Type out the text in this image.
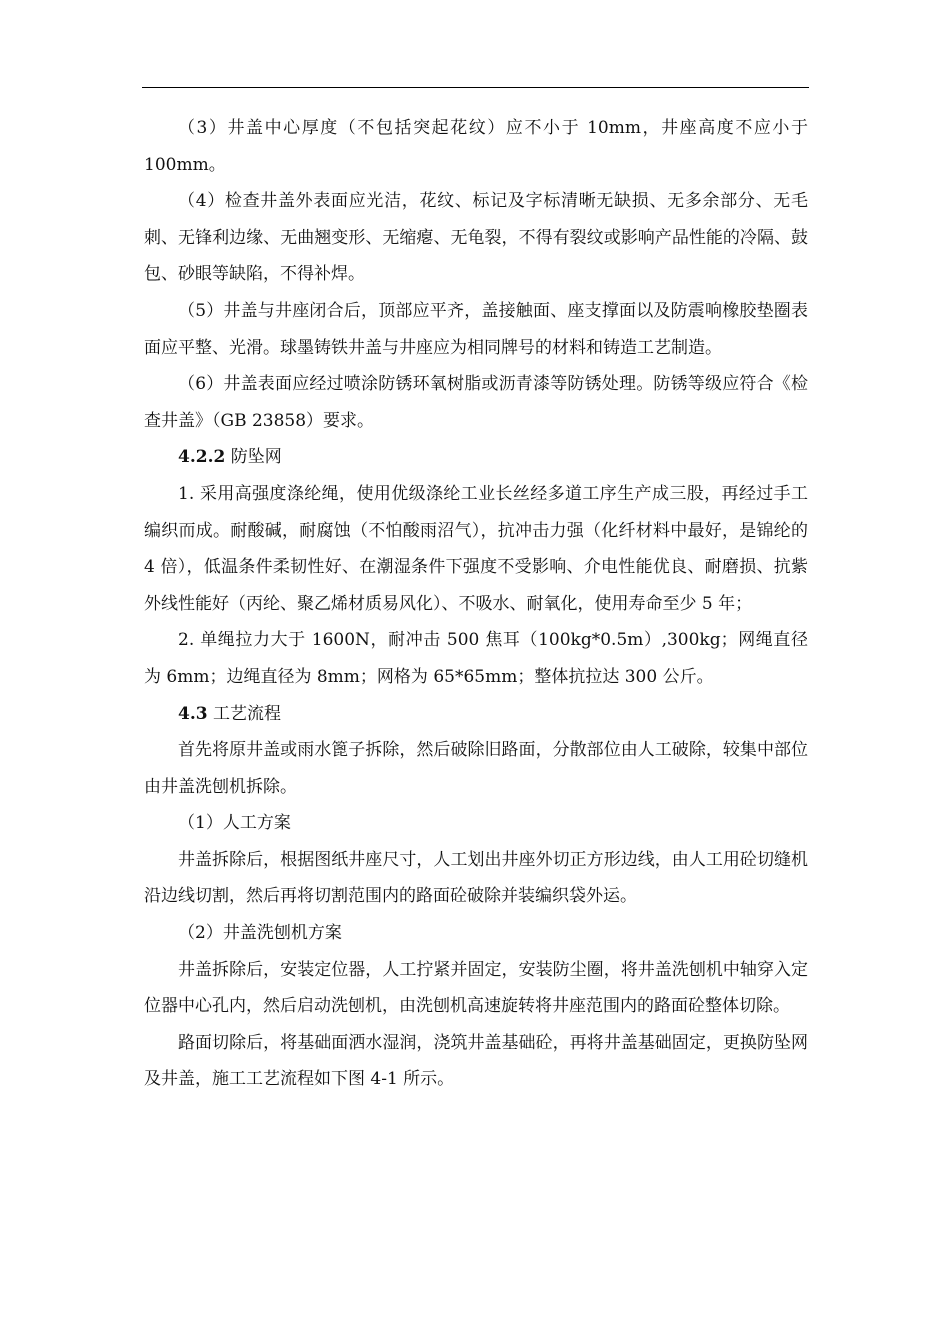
（3）井盖中心厚度（不包括突起花纹）应不小于 10mm，井座高度不应小于 100mm。

（4）检查井盖外表面应光洁，花纹、标记及字标清晰无缺损、无多余部分、无毛刺、无锋利边缘、无曲翘变形、无缩瘪、无龟裂，不得有裂纹或影响产品性能的冷隔、鼓包、砂眼等缺陷，不得补焊。

（5）井盖与井座闭合后，顶部应平齐，盖接触面、座支撑面以及防震响橡胶垫圈表面应平整、光滑。球墨铸铁井盖与井座应为相同牌号的材料和铸造工艺制造。

（6）井盖表面应经过喷涂防锈环氧树脂或沥青漆等防锈处理。防锈等级应符合《检查井盖》（GB 23858）要求。

4.2.2 防坠网

1. 采用高强度涤纶绳，使用优级涤纶工业长丝经多道工序生产成三股，再经过手工编织而成。耐酸碱，耐腐蚀（不怕酸雨沼气），抗冲击力强（化纤材料中最好，是锦纶的 4 倍），低温条件柔韧性好、在潮湿条件下强度不受影响、介电性能优良、耐磨损、抗紫外线性能好（丙纶、聚乙烯材质易风化）、不吸水、耐氧化，使用寿命至少 5 年；

2. 单绳拉力大于 1600N，耐冲击 500 焦耳（100kg*0.5m）,300kg；网绳直径为 6mm；边绳直径为 8mm；网格为 65*65mm；整体抗拉达 300 公斤。

4.3 工艺流程

首先将原井盖或雨水篦子拆除，然后破除旧路面，分散部位由人工破除，较集中部位由井盖洗刨机拆除。

（1）人工方案

井盖拆除后，根据图纸井座尺寸，人工划出井座外切正方形边线，由人工用砼切缝机沿边线切割，然后再将切割范围内的路面砼破除并装编织袋外运。

（2）井盖洗刨机方案

井盖拆除后，安装定位器，人工拧紧并固定，安装防尘圈，将井盖洗刨机中轴穿入定位器中心孔内，然后启动洗刨机，由洗刨机高速旋转将井座范围内的路面砼整体切除。

路面切除后，将基础面洒水湿润，浇筑井盖基础砼，再将井盖基础固定，更换防坠网及井盖，施工工艺流程如下图 4-1 所示。
